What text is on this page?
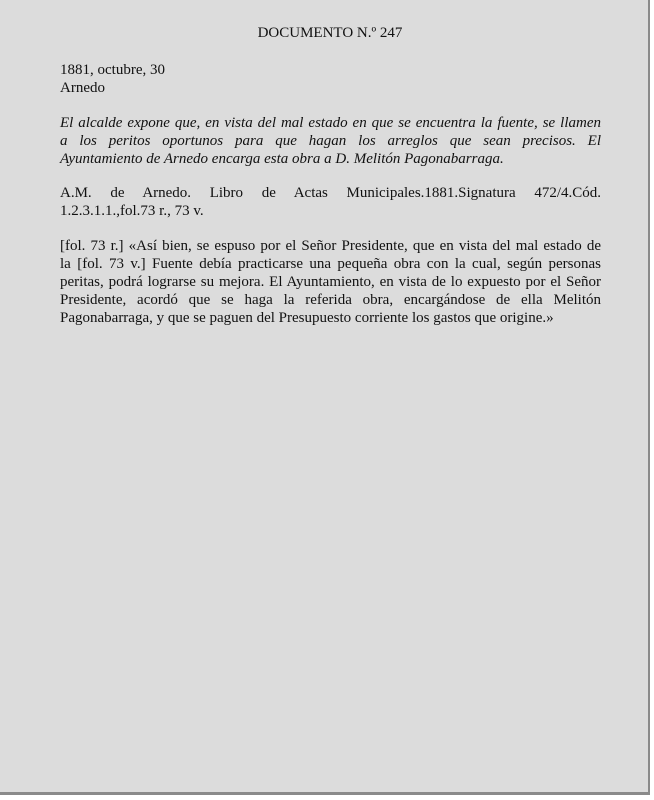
DOCUMENTO N.º 247
1881, octubre, 30
Arnedo
El alcalde expone que, en vista del mal estado en que se encuentra la fuente, se llamen
a los peritos oportunos para que hagan los arreglos que sean precisos. El
Ayuntamiento de Arnedo encarga esta obra a D. Melitón Pagonabarraga.
A.M. de Arnedo. Libro de Actas Municipales.1881.Signatura 472/4.Cód.
1.2.3.1.1.,fol.73 r., 73 v.
[fol. 73 r.] «Así bien, se espuso por el Señor Presidente, que en vista del mal estado de
la [fol. 73 v.] Fuente debía practicarse una pequeña obra con la cual, según personas
peritas, podrá lograrse su mejora. El Ayuntamiento, en vista de lo expuesto por el Señor
Presidente, acordó que se haga la referida obra, encargándose de ella Melitón
Pagonabarraga, y que se paguen del Presupuesto corriente los gastos que origine.»
